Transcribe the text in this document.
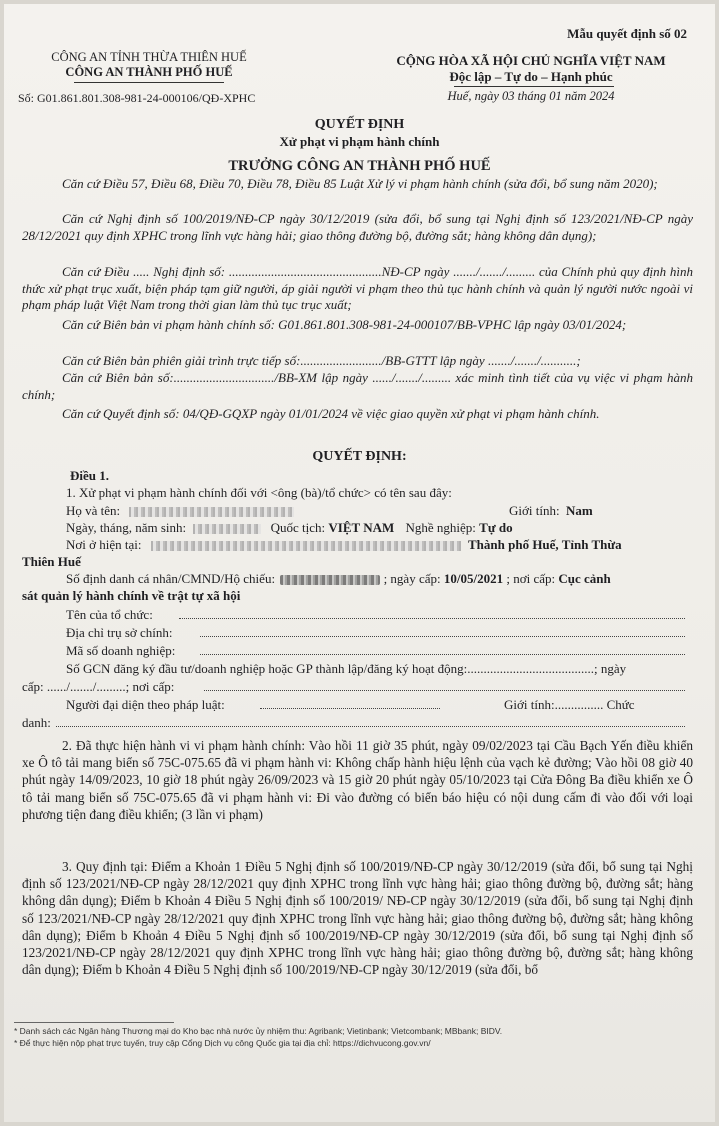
Mẫu quyết định số 02
CÔNG AN TỈNH THỪA THIÊN HUẾ
CÔNG AN THÀNH PHỐ HUẾ
Số: G01.861.801.308-981-24-000106/QĐ-XPHC
CỘNG HÒA XÃ HỘI CHỦ NGHĨA VIỆT NAM
Độc lập – Tự do – Hạnh phúc
Huế, ngày 03 tháng 01 năm 2024
QUYẾT ĐỊNH
Xử phạt vi phạm hành chính
TRƯỞNG CÔNG AN THÀNH PHỐ HUẾ
Căn cứ Điều 57, Điều 68, Điều 70, Điều 78, Điều 85 Luật Xử lý vi phạm hành chính (sửa đổi, bổ sung năm 2020);
Căn cứ Nghị định số 100/2019/NĐ-CP ngày 30/12/2019 (sửa đổi, bổ sung tại Nghị định số 123/2021/NĐ-CP ngày 28/12/2021 quy định XPHC trong lĩnh vực hàng hải; giao thông đường bộ, đường sắt; hàng không dân dụng);
Căn cứ Điều ..... Nghị định số: ...............................................NĐ-CP ngày ......./......./......... của Chính phủ quy định hình thức xử phạt trục xuất, biện pháp tạm giữ người, áp giải người vi phạm theo thủ tục hành chính và quản lý người nước ngoài vi phạm pháp luật Việt Nam trong thời gian làm thủ tục trục xuất;
Căn cứ Biên bản vi phạm hành chính số: G01.861.801.308-981-24-000107/BB-VPHC lập ngày 03/01/2024;
Căn cứ Biên bản phiên giải trình trực tiếp số:........................./BB-GTTT lập ngày ......./......./...........;
Căn cứ Biên bản số:.............................../BB-XM lập ngày ....../......./......... xác minh tình tiết của vụ việc vi phạm hành chính;
Căn cứ Quyết định số: 04/QĐ-GQXP ngày 01/01/2024 về việc giao quyền xử phạt vi phạm hành chính.
QUYẾT ĐỊNH:
Điều 1.
1. Xử phạt vi phạm hành chính đối với <ông (bà)/tổ chức> có tên sau đây:
Họ và tên:	Giới tính: Nam
Ngày, tháng, năm sinh:	Quốc tịch: VIỆT NAM Nghề nghiệp: Tự do
Nơi ở hiện tại:	Thành phố Huế, Tỉnh Thừa
Thiên Huế
Số định danh cá nhân/CMND/Hộ chiếu:	; ngày cấp: 10/05/2021 ; nơi cấp: Cục cảnh
sát quản lý hành chính về trật tự xã hội
Tên của tổ chức:
Địa chỉ trụ sở chính:
Mã số doanh nghiệp:
Số GCN đăng ký đầu tư/doanh nghiệp hoặc GP thành lập/đăng ký hoạt động:.......................................; ngày
cấp: ....../......./.........; nơi cấp:
Người đại diện theo pháp luật:	Giới tính:............... Chức
danh:
2. Đã thực hiện hành vi vi phạm hành chính: Vào hồi 11 giờ 35 phút, ngày 09/02/2023 tại Cầu Bạch Yến điều khiển xe Ô tô tải mang biển số 75C-075.65 đã vi phạm hành vi: Không chấp hành hiệu lệnh của vạch kẻ đường; Vào hồi 08 giờ 40 phút ngày 14/09/2023, 10 giờ 18 phút ngày 26/09/2023 và 15 giờ 20 phút ngày 05/10/2023 tại Cửa Đông Ba điều khiển xe Ô tô tải mang biển số 75C-075.65 đã vi phạm hành vi: Đi vào đường có biển báo hiệu có nội dung cấm đi vào đối với loại phương tiện đang điều khiển; (3 lần vi phạm)
3. Quy định tại: Điểm a Khoản 1 Điều 5 Nghị định số 100/2019/NĐ-CP ngày 30/12/2019 (sửa đổi, bổ sung tại Nghị định số 123/2021/NĐ-CP ngày 28/12/2021 quy định XPHC trong lĩnh vực hàng hải; giao thông đường bộ, đường sắt; hàng không dân dụng); Điểm b Khoản 4 Điều 5 Nghị định số 100/2019/ NĐ-CP ngày 30/12/2019 (sửa đổi, bổ sung tại Nghị định số 123/2021/NĐ-CP ngày 28/12/2021 quy định XPHC trong lĩnh vực hàng hải; giao thông đường bộ, đường sắt; hàng không dân dụng); Điểm b Khoản 4 Điều 5 Nghị định số 100/2019/NĐ-CP ngày 30/12/2019 (sửa đổi, bổ sung tại Nghị định số 123/2021/NĐ-CP ngày 28/12/2021 quy định XPHC trong lĩnh vực hàng hải; giao thông đường bộ, đường sắt; hàng không dân dụng); Điểm b Khoản 4 Điều 5 Nghị định số 100/2019/NĐ-CP ngày 30/12/2019 (sửa đổi, bổ
* Danh sách các Ngân hàng Thương mại do Kho bạc nhà nước ủy nhiệm thu: Agribank; Vietinbank; Vietcombank; MBbank; BIDV.
* Để thực hiện nộp phạt trực tuyến, truy cập Cổng Dịch vụ công Quốc gia tại địa chỉ: https://dichvucong.gov.vn/
